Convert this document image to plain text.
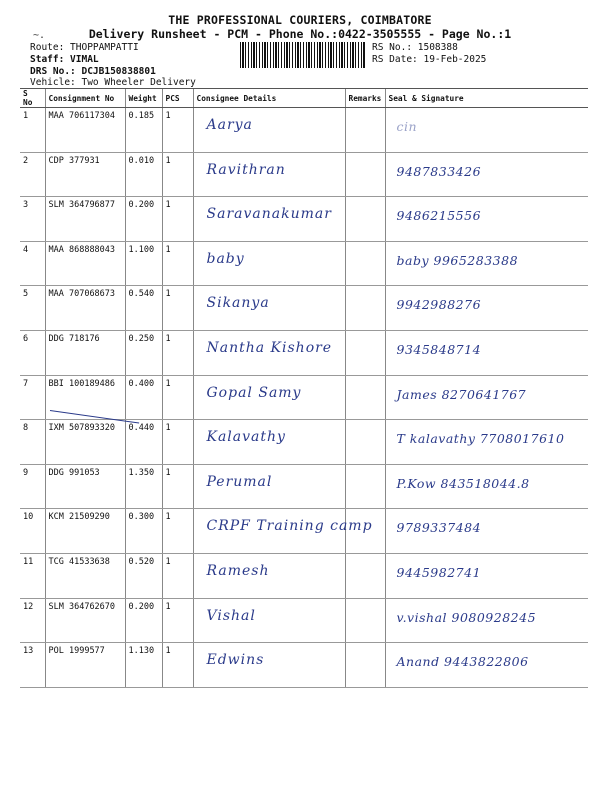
THE PROFESSIONAL COURIERS, COIMBATORE
Delivery Runsheet - PCM - Phone No.:0422-3505555 - Page No.:1
~.
Route: THOPPAMPATTI
Staff: VIMAL
DRS No.: DCJB150838801
Vehicle: Two Wheeler Delivery
RS No.: 1508388
RS Date: 19-Feb-2025
S No	Consignment No	Weight	PCS	Consignee Details	Remarks	Seal & Signature
1	MAA 706117304	0.185	1	Aarya		cin
2	CDP 377931	0.010	1	Ravithran		9487833426
3	SLM 364796877	0.200	1	Saravanakumar		9486215556
4	MAA 868888043	1.100	1	baby		baby 9965283388
5	MAA 707068673	0.540	1	Sikanya		9942988276
6	DDG 718176	0.250	1	Nantha Kishore		9345848714
7	BBI 100189486	0.400	1	Gopal Samy		James 8270641767
8	IXM 507893320	0.440	1	Kalavathy		T kalavathy 7708017610
9	DDG 991053	1.350	1	Perumal		P.Kow 843518044.8
10	KCM 21509290	0.300	1	CRPF Training camp		9789337484
11	TCG 41533638	0.520	1	Ramesh		9445982741
12	SLM 364762670	0.200	1	Vishal		v.vishal 9080928245
13	POL 1999577	1.130	1	Edwins		Anand 9443822806
